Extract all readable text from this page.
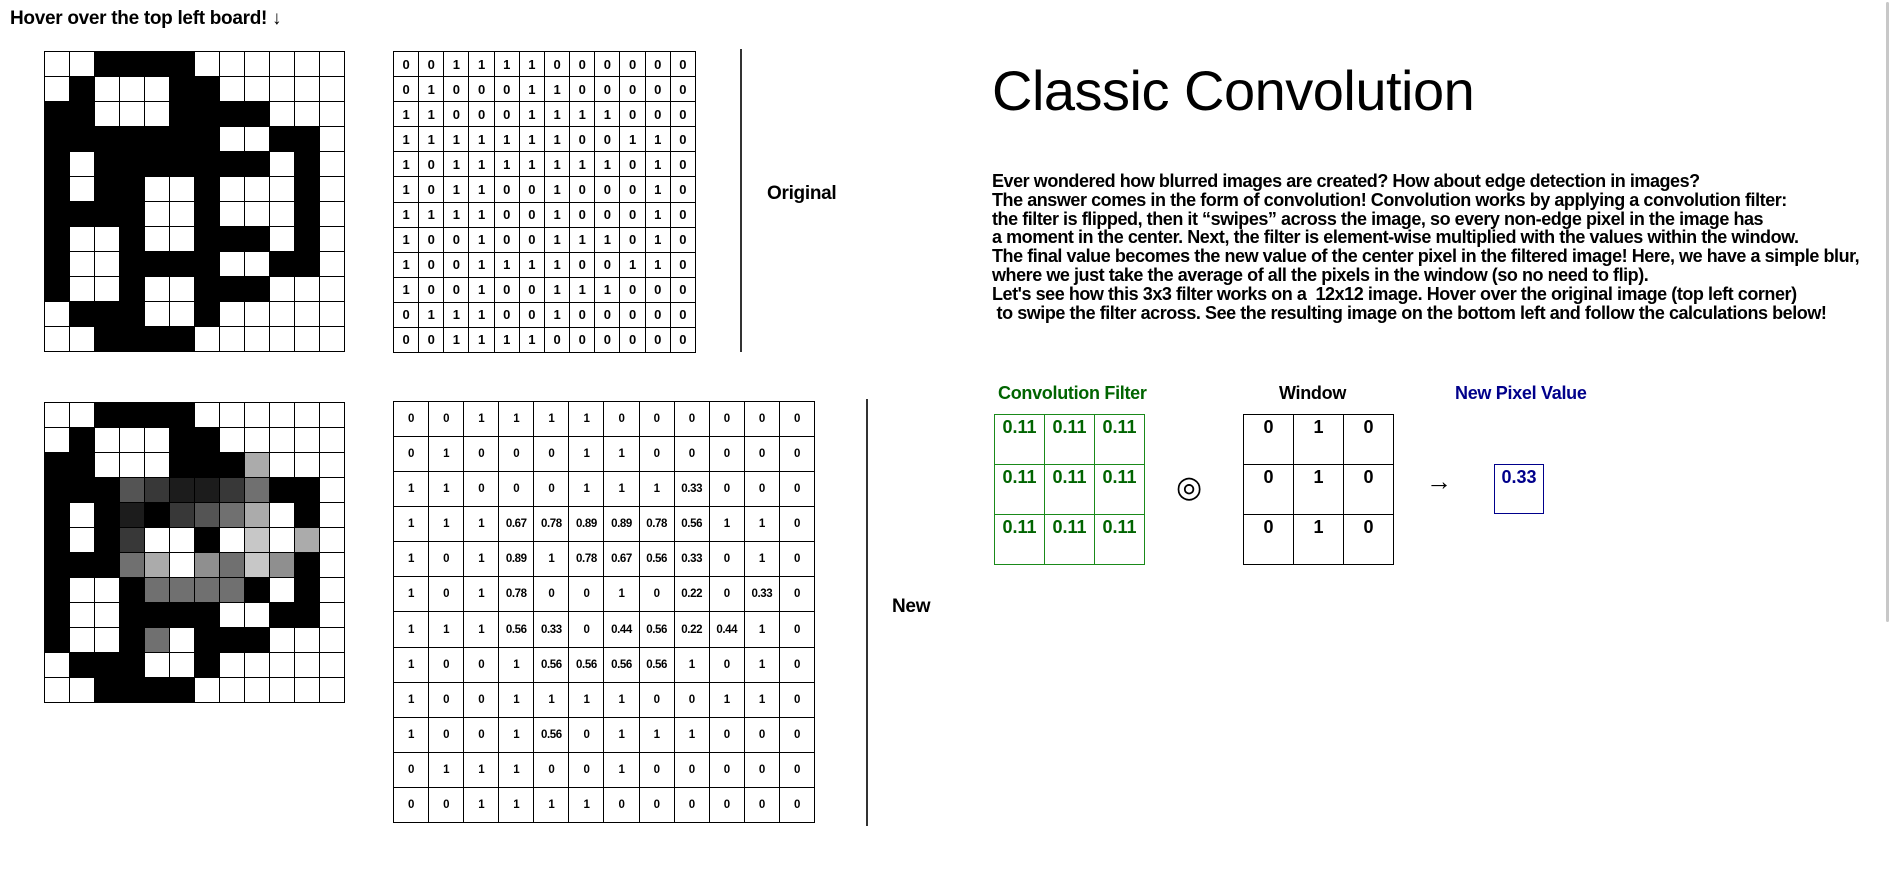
Hover over the top left board! ↓
0	0	1	1	1	1	0	0	0	0	0	0
0	1	0	0	0	1	1	0	0	0	0	0
1	1	0	0	0	1	1	1	1	0	0	0
1	1	1	1	1	1	1	0	0	1	1	0
1	0	1	1	1	1	1	1	1	0	1	0
1	0	1	1	0	0	1	0	0	0	1	0
1	1	1	1	0	0	1	0	0	0	1	0
1	0	0	1	0	0	1	1	1	0	1	0
1	0	0	1	1	1	1	0	0	1	1	0
1	0	0	1	0	0	1	1	1	0	0	0
0	1	1	1	0	0	1	0	0	0	0	0
0	0	1	1	1	1	0	0	0	0	0	0
Original
0	0	1	1	1	1	0	0	0	0	0	0
0	1	0	0	0	1	1	0	0	0	0	0
1	1	0	0	0	1	1	1	0.33	0	0	0
1	1	1	0.67	0.78	0.89	0.89	0.78	0.56	1	1	0
1	0	1	0.89	1	0.78	0.67	0.56	0.33	0	1	0
1	0	1	0.78	0	0	1	0	0.22	0	0.33	0
1	1	1	0.56	0.33	0	0.44	0.56	0.22	0.44	1	0
1	0	0	1	0.56	0.56	0.56	0.56	1	0	1	0
1	0	0	1	1	1	1	0	0	1	1	0
1	0	0	1	0.56	0	1	1	1	0	0	0
0	1	1	1	0	0	1	0	0	0	0	0
0	0	1	1	1	1	0	0	0	0	0	0
New
Classic Convolution
Ever wondered how blurred images are created? How about edge detection in images?
The answer comes in the form of convolution! Convolution works by applying a convolution filter:
the filter is flipped, then it “swipes” across the image, so every non-edge pixel in the image has
a moment in the center. Next, the filter is element-wise multiplied with the values within the window.
The final value becomes the new value of the center pixel in the filtered image! Here, we have a simple blur,
where we just take the average of all the pixels in the window (so no need to flip).
Let's see how this 3x3 filter works on a  12x12 image. Hover over the original image (top left corner)
to swipe the filter across. See the resulting image on the bottom left and follow the calculations below!
Convolution Filter
0.11 0.11 0.11
0.11 0.11 0.11
0.11 0.11 0.11
◎
Window
0	1	0
0	1	0
0	1	0
→
New Pixel Value
0.33
